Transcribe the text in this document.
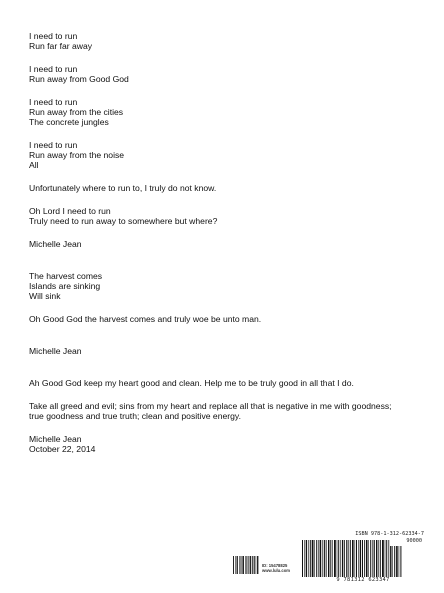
I need to run
Run far far away
I need to run
Run away from Good God
I need to run
Run away from the cities
The concrete jungles
I need to run
Run away from the noise
All
Unfortunately where to run to, I truly do not know.
Oh Lord I need to run
Truly need to run away to somewhere but where?
Michelle Jean
The harvest comes
Islands are sinking
Will sink
Oh Good God the harvest comes and truly woe be unto man.
Michelle Jean
Ah Good God keep my heart good and clean. Help me to be truly good in all that I do.
Take all greed and evil; sins from my heart and replace all that is negative in me with goodness;
true goodness and true truth; clean and positive energy.
Michelle Jean
October 22, 2014
ID: 15478825
www.lulu.com
ISBN 978-1-312-62334-7
90000
9 781312 623347
